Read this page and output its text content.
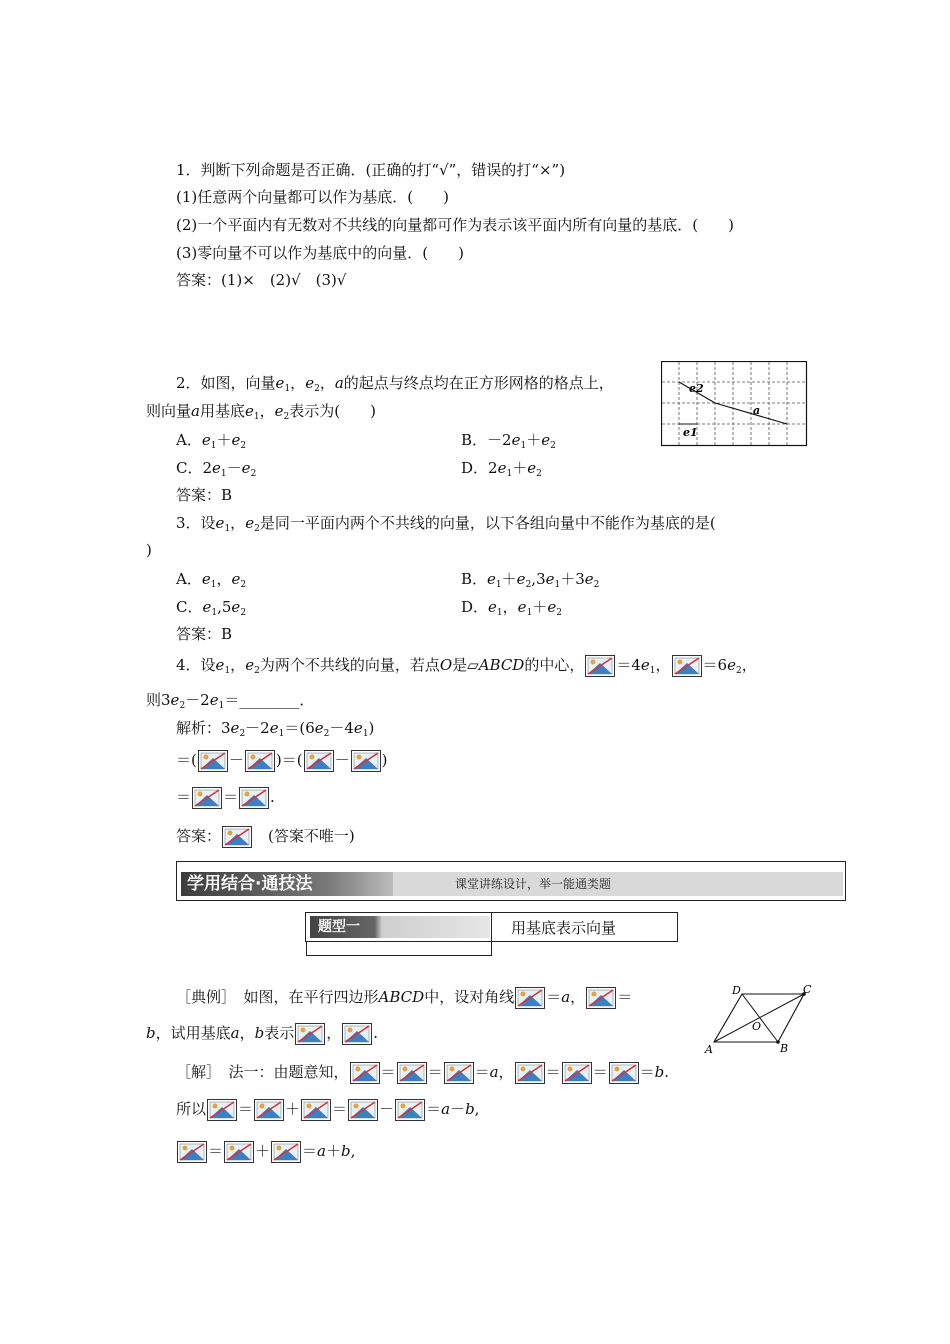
1．判断下列命题是否正确．(正确的打“√”，错误的打“×”)
(1)任意两个向量都可以作为基底．(　　)
(2)一个平面内有无数对不共线的向量都可作为表示该平面内所有向量的基底．(　　)
(3)零向量不可以作为基底中的向量．(　　)
答案：(1)×　(2)√　(3)√
2．如图，向量$e_1$，$e_2$，a的起点与终点均在正方形网格的格点上，
则向量a用基底$e_1$，$e_2$表示为(　　)
A．$e_1+e_2$	B．$-2e_1+e_2$
C．$2e_1-e_2$	D．$2e_1+e_2$
答案：B
e2
a
e1
3．设$e_1$，$e_2$是同一平面内两个不共线的向量，以下各组向量中不能作为基底的是(
)
A．$e_1$，$e_2$	B．$e_1+e_2,3e_1+3e_2$
C．$e_1,5e_2$	D．$e_1$，$e_1+e_2$
答案：B
4．设$e_1$，$e_2$为两个不共线的向量，若点O是▱ABCD的中心， $=4e_1$， $=6e_2$，
则$3e_2-2e_1=\_\_\_\_\_\_\_\_$．
解析：$3e_2-2e_1=(6e_2-4e_1)$
＝( － )＝( － )
＝ ＝ .
答案：
　	(答案不唯一)
学用结合·通技法	课堂讲练设计，举一能通类题
题型一	用基底表示向量
［典例］　 如图，在平行四边形ABCD中，设对角线 ＝a， ＝
b，试用基底a，b表示 ， .
D	C
O
A	B
［解］　 法一：由题意知， ＝ ＝ ＝a， ＝ ＝ ＝b.
所以 ＝ ＋ ＝ － ＝a－b,
＝ ＋ ＝a＋b,
